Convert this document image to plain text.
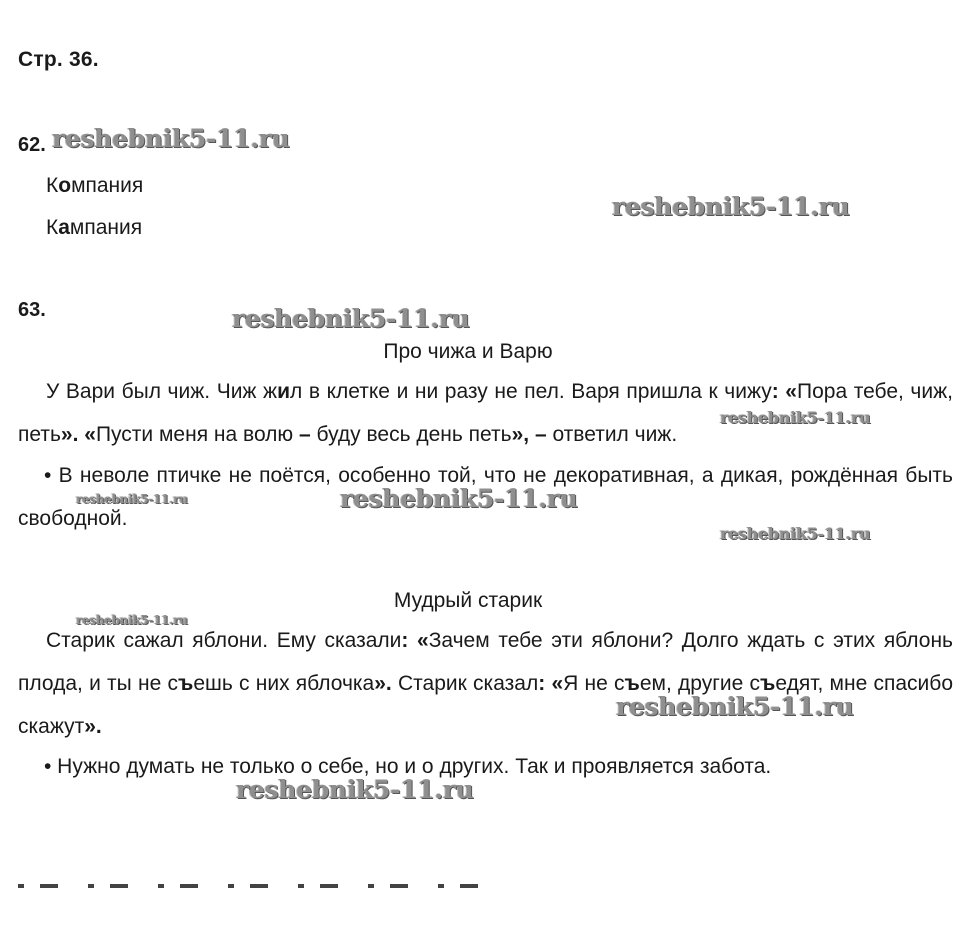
Стр. 36.
62.
Компания
Кампания
63.
Про чижа и Варю

У Вари был чиж. Чиж жил в клетке и ни разу не пел. Варя пришла к чижу: «Пора тебе, чиж, петь». «Пусти меня на волю – буду весь день петь», – ответил чиж.

• В неволе птичке не поётся, особенно той, что не декоративная, а дикая, рождённая быть свободной.

Мудрый старик

Старик сажал яблони. Ему сказали: «Зачем тебе эти яблони? Долго ждать с этих яблонь плода, и ты не съешь с них яблочка». Старик сказал: «Я не съем, другие съедят, мне спасибо скажут».

• Нужно думать не только о себе, но и о других. Так и проявляется забота.

reshebnik5-11.ru
reshebnik5-11.ru
reshebnik5-11.ru
reshebnik5-11.ru
reshebnik5-11.ru	reshebnik5-11.ru
reshebnik5-11.ru
reshebnik5-11.ru
reshebnik5-11.ru
reshebnik5-11.ru
